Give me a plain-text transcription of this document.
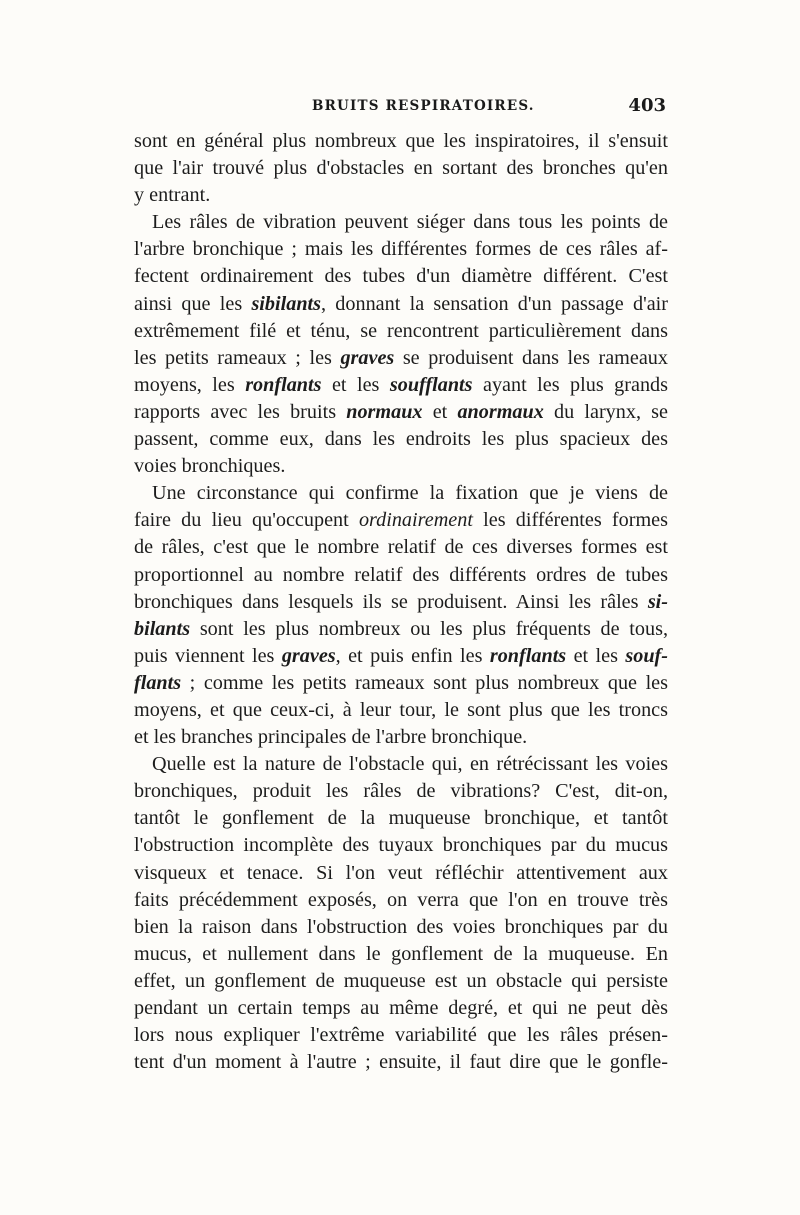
BRUITS RESPIRATOIRES.	403
sont en général plus nombreux que les inspiratoires, il s'ensuit
que l'air trouvé plus d'obstacles en sortant des bronches qu'en
y entrant.
Les râles de vibration peuvent siéger dans tous les points de
l'arbre bronchique ; mais les différentes formes de ces râles af-
fectent ordinairement des tubes d'un diamètre différent. C'est
ainsi que les sibilants, donnant la sensation d'un passage d'air
extrêmement filé et ténu, se rencontrent particulièrement dans
les petits rameaux ; les graves se produisent dans les rameaux
moyens, les ronflants et les soufflants ayant les plus grands
rapports avec les bruits normaux et anormaux du larynx, se
passent, comme eux, dans les endroits les plus spacieux des
voies bronchiques.
Une circonstance qui confirme la fixation que je viens de
faire du lieu qu'occupent ordinairement les différentes formes
de râles, c'est que le nombre relatif de ces diverses formes est
proportionnel au nombre relatif des différents ordres de tubes
bronchiques dans lesquels ils se produisent. Ainsi les râles si-
bilants sont les plus nombreux ou les plus fréquents de tous,
puis viennent les graves, et puis enfin les ronflants et les souf-
flants ; comme les petits rameaux sont plus nombreux que les
moyens, et que ceux-ci, à leur tour, le sont plus que les troncs
et les branches principales de l'arbre bronchique.
Quelle est la nature de l'obstacle qui, en rétrécissant les voies
bronchiques, produit les râles de vibrations? C'est, dit-on,
tantôt le gonflement de la muqueuse bronchique, et tantôt
l'obstruction incomplète des tuyaux bronchiques par du mucus
visqueux et tenace. Si l'on veut réfléchir attentivement aux
faits précédemment exposés, on verra que l'on en trouve très
bien la raison dans l'obstruction des voies bronchiques par du
mucus, et nullement dans le gonflement de la muqueuse. En
effet, un gonflement de muqueuse est un obstacle qui persiste
pendant un certain temps au même degré, et qui ne peut dès
lors nous expliquer l'extrême variabilité que les râles présen-
tent d'un moment à l'autre ; ensuite, il faut dire que le gonfle-
